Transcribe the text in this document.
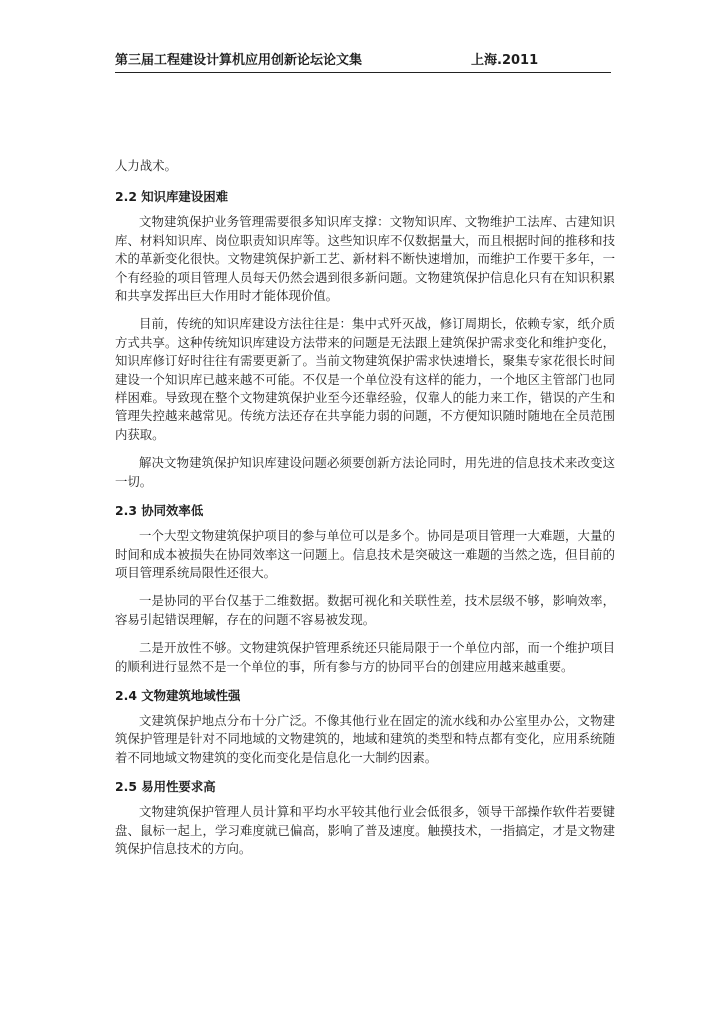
第三届工程建设计算机应用创新论坛论文集	上海.2011

人力战术。

2.2 知识库建设困难

文物建筑保护业务管理需要很多知识库支撑：文物知识库、文物维护工法库、古建知识库、材料知识库、岗位职责知识库等。这些知识库不仅数据量大，而且根据时间的推移和技术的革新变化很快。文物建筑保护新工艺、新材料不断快速增加，而维护工作要干多年，一个有经验的项目管理人员每天仍然会遇到很多新问题。文物建筑保护信息化只有在知识积累和共享发挥出巨大作用时才能体现价值。

目前，传统的知识库建设方法往往是：集中式歼灭战，修订周期长，依赖专家，纸介质方式共享。这种传统知识库建设方法带来的问题是无法跟上建筑保护需求变化和维护变化，知识库修订好时往往有需要更新了。当前文物建筑保护需求快速增长，聚集专家花很长时间建设一个知识库已越来越不可能。不仅是一个单位没有这样的能力，一个地区主管部门也同样困难。导致现在整个文物建筑保护业至今还靠经验，仅靠人的能力来工作，错误的产生和管理失控越来越常见。传统方法还存在共享能力弱的问题，不方便知识随时随地在全员范围内获取。

解决文物建筑保护知识库建设问题必须要创新方法论同时，用先进的信息技术来改变这一切。

2.3 协同效率低

一个大型文物建筑保护项目的参与单位可以是多个。协同是项目管理一大难题，大量的时间和成本被损失在协同效率这一问题上。信息技术是突破这一难题的当然之选，但目前的项目管理系统局限性还很大。

一是协同的平台仅基于二维数据。数据可视化和关联性差，技术层级不够，影响效率，容易引起错误理解，存在的问题不容易被发现。

二是开放性不够。文物建筑保护管理系统还只能局限于一个单位内部，而一个维护项目的顺利进行显然不是一个单位的事，所有参与方的协同平台的创建应用越来越重要。

2.4 文物建筑地域性强

文建筑保护地点分布十分广泛。不像其他行业在固定的流水线和办公室里办公，文物建筑保护管理是针对不同地域的文物建筑的，地域和建筑的类型和特点都有变化，应用系统随着不同地域文物建筑的变化而变化是信息化一大制约因素。

2.5 易用性要求高

文物建筑保护管理人员计算和平均水平较其他行业会低很多，领导干部操作软件若要键盘、鼠标一起上，学习难度就已偏高，影响了普及速度。触摸技术，一指搞定，才是文物建筑保护信息技术的方向。
